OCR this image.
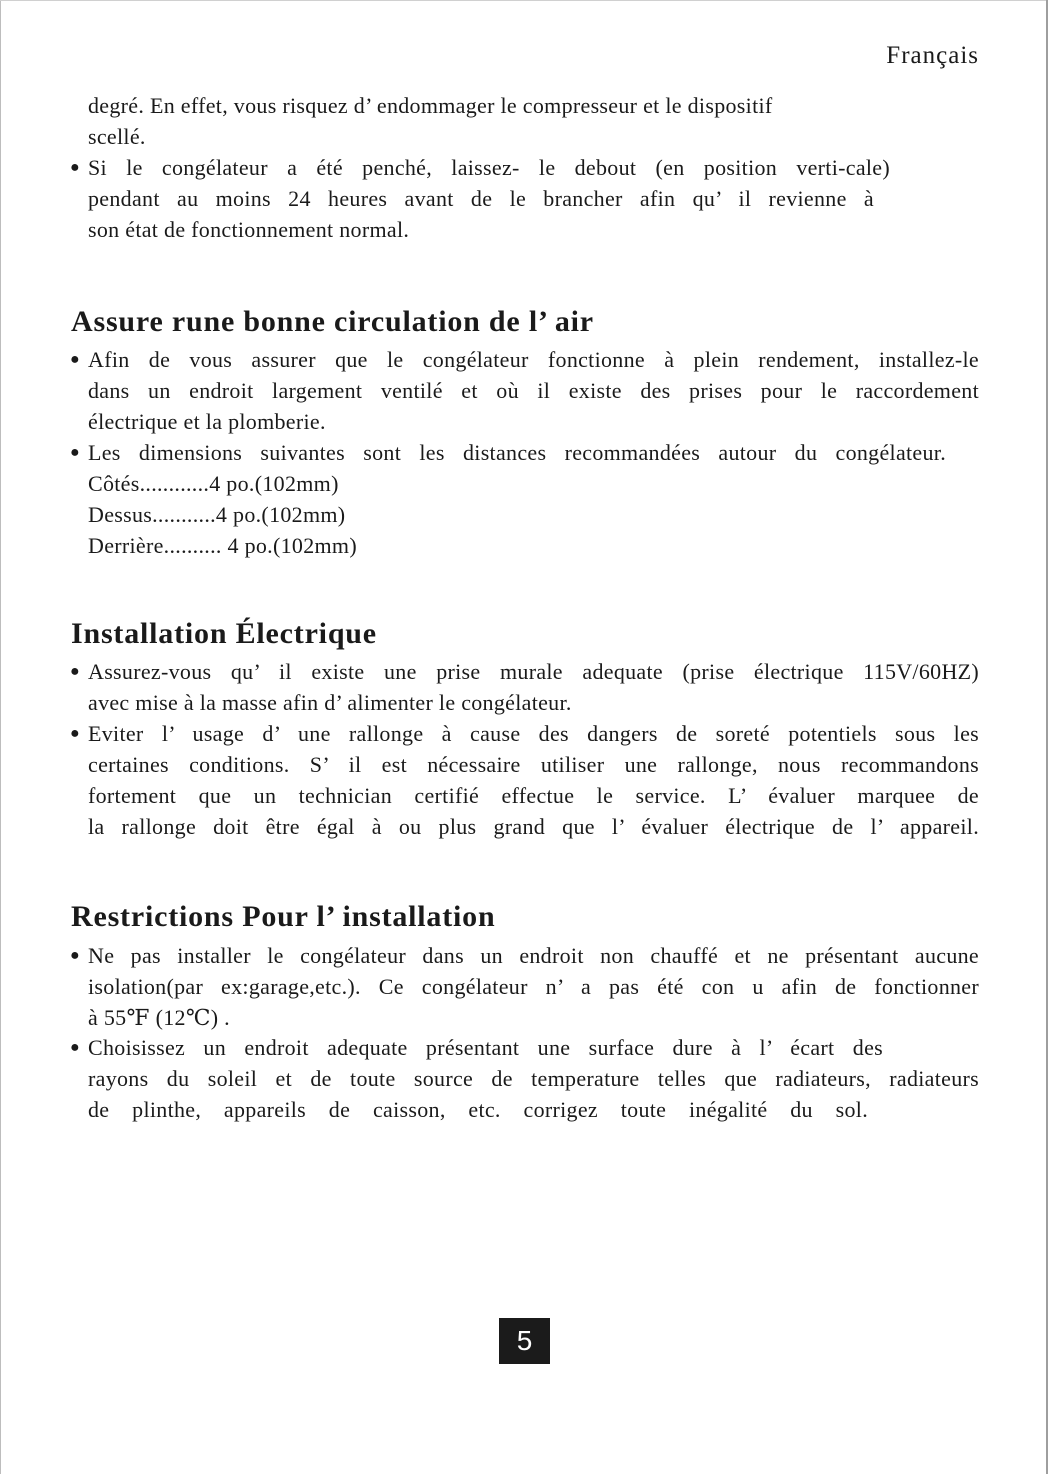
Français
degré. En effet, vous risquez d’ endommager le compresseur et le dispositif
scellé.
● Si le congélateur a été penché, laissez- le debout (en position verti-cale)
pendant au moins 24 heures avant de le brancher afin qu’ il revienne à
son état de fonctionnement normal.
Assure rune bonne circulation de l’ air
● Afin de vous assurer que le congélateur fonctionne à plein rendement, installez-le
dans un endroit largement ventilé et où il existe des prises pour le raccordement
électrique et la plomberie.
● Les dimensions suivantes sont les distances recommandées autour du congélateur.
Côtés............4 po.(102mm)
Dessus...........4 po.(102mm)
Derrière.......... 4 po.(102mm)
Installation Électrique
● Assurez-vous qu’ il existe une prise murale adequate (prise électrique 115V/60HZ)
avec mise à la masse afin d’ alimenter le congélateur.
● Eviter l’ usage d’ une rallonge à cause des dangers de soreté potentiels sous les
certaines conditions. S’ il est nécessaire utiliser une rallonge, nous recommandons
fortement que un technician certifié effectue le service. L’ évaluer marquee de
la rallonge doit être égal à ou plus grand que l’ évaluer électrique de l’ appareil.
Restrictions Pour l’ installation
● Ne pas installer le congélateur dans un endroit non chauffé et ne présentant aucune
isolation(par ex:garage,etc.). Ce congélateur n’ a pas été con u afin de fonctionner
à 55℉ (12℃) .
● Choisissez un endroit adequate présentant une surface dure à l’ écart des
rayons du soleil et de toute source de temperature telles que radiateurs, radiateurs
de plinthe, appareils de caisson, etc. corrigez toute inégalité du sol.
5
